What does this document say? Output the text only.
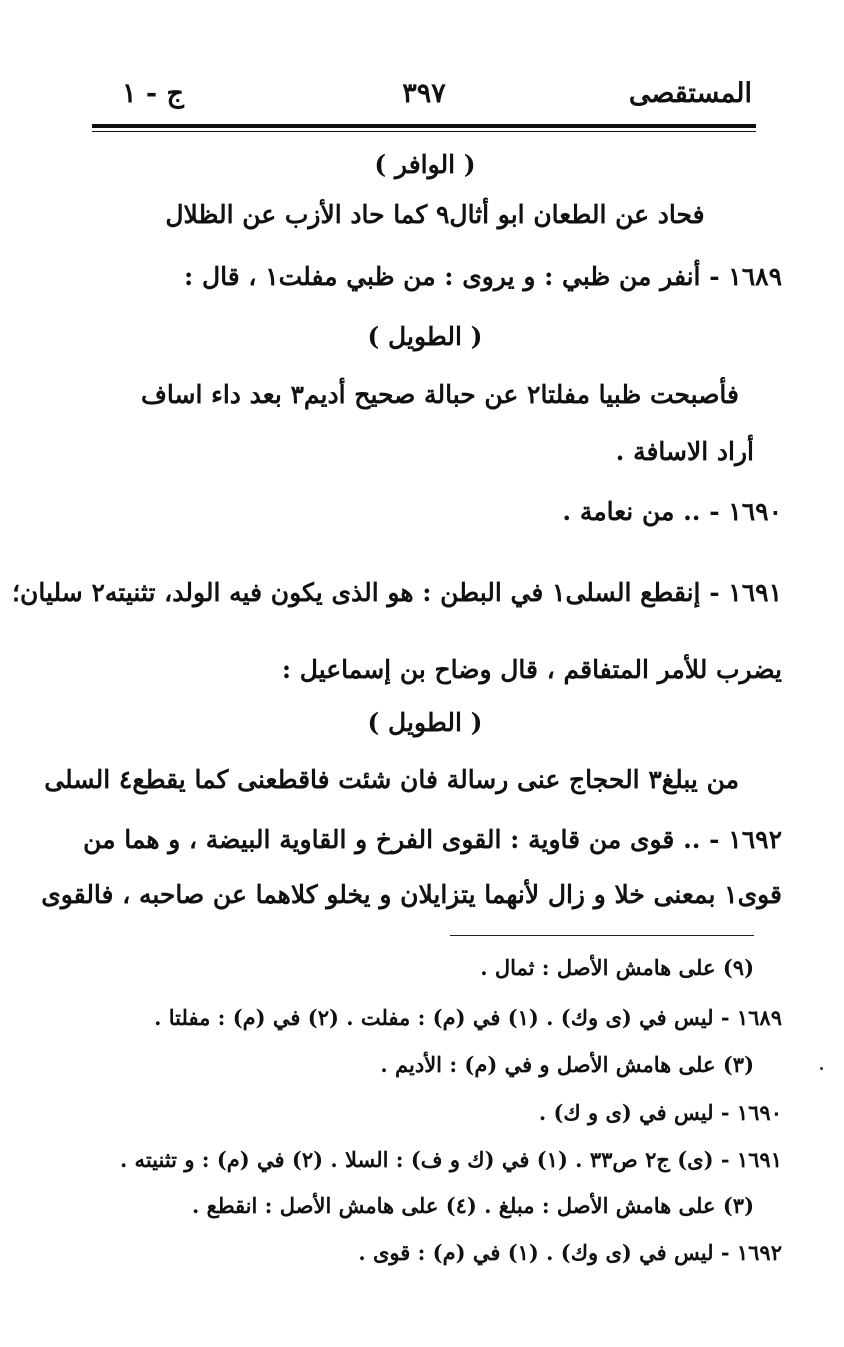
المستقصى
٣٩٧
ج - ١
( الوافر )
فحاد عن الطعان ابو أثال٩ كما حاد الأزب عن الظلال
١٦٨٩ - أنفر من ظبي : و يروى : من ظبي مفلت١ ، قال :
( الطويل )
فأصبحت ظبيا مفلتا٢ عن حبالة صحيح أديم٣ بعد داء اساف
أراد الاسافة .
١٦٩٠ - .. من نعامة .
١٦٩١ - إنقطع السلى١ في البطن : هو الذى يكون فيه الولد، تثنيته٢ سليان؛
يضرب للأمر المتفاقم ، قال وضاح بن إسماعيل :
( الطويل )
من يبلغ٣ الحجاج عنى رسالة فان شئت فاقطعنى كما يقطع٤ السلى
١٦٩٢ - .. قوى من قاوية : القوى الفرخ و القاوية البيضة ، و هما من
قوى١ بمعنى خلا و زال لأنهما يتزايلان و يخلو كلاهما عن صاحبه ، فالقوى
(٩) على هامش الأصل : ثمال .
١٦٨٩ - ليس في (ى وك) . (١) في (م) : مفلت . (٢) في (م) : مفلتا .
(٣) على هامش الأصل و في (م) : الأديم .
١٦٩٠ - ليس في (ى و ك) .
١٦٩١ - (ى) ج٢ ص٣٣ . (١) في (ك و ف) : السلا . (٢) في (م) : و تثنيته .
(٣) على هامش الأصل : مبلغ . (٤) على هامش الأصل : انقطع .
١٦٩٢ - ليس في (ى وك) . (١) في (م) : قوى .
